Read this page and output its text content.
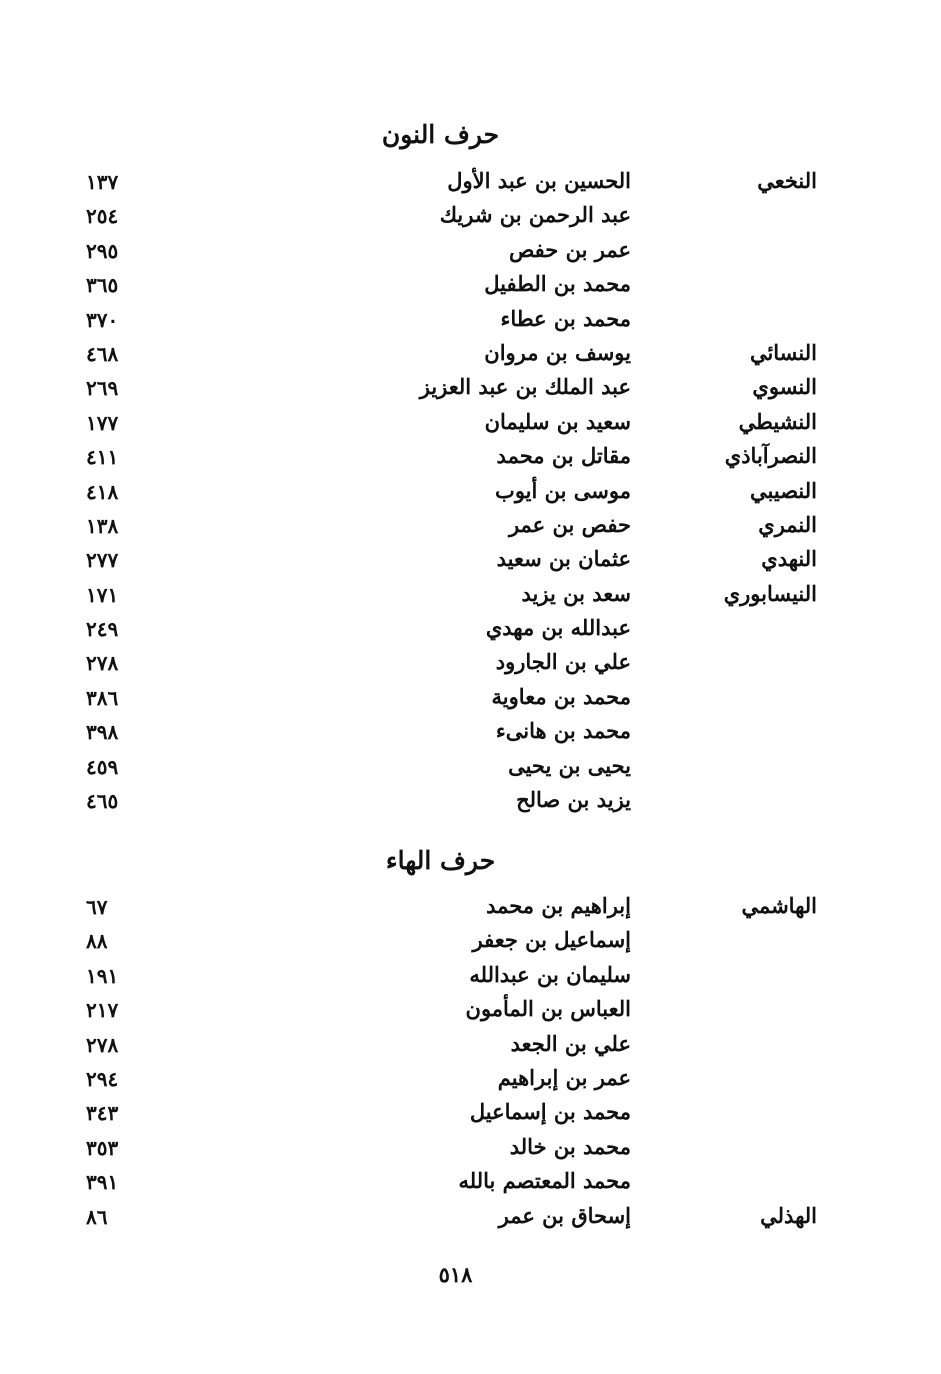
حرف النون
النخعي
الحسين بن عبد الأول
١٣٧
عبد الرحمن بن شريك
٢٥٤
عمر بن حفص
٢٩٥
محمد بن الطفيل
٣٦٥
محمد بن عطاء
٣٧٠
النسائي
يوسف بن مروان
٤٦٨
النسوي
عبد الملك بن عبد العزيز
٢٦٩
النشيطي
سعيد بن سليمان
١٧٧
النصرآباذي
مقاتل بن محمد
٤١١
النصيبي
موسى بن أيوب
٤١٨
النمري
حفص بن عمر
١٣٨
النهدي
عثمان بن سعيد
٢٧٧
النيسابوري
سعد بن يزيد
١٧١
عبدالله بن مهدي
٢٤٩
علي بن الجارود
٢٧٨
محمد بن معاوية
٣٨٦
محمد بن هانىء
٣٩٨
يحيى بن يحيى
٤٥٩
يزيد بن صالح
٤٦٥
حرف الهاء
الهاشمي
إبراهيم بن محمد
٦٧
إسماعيل بن جعفر
٨٨
سليمان بن عبدالله
١٩١
العباس بن المأمون
٢١٧
علي بن الجعد
٢٧٨
عمر بن إبراهيم
٢٩٤
محمد بن إسماعيل
٣٤٣
محمد بن خالد
٣٥٣
محمد المعتصم بالله
٣٩١
الهذلي
إسحاق بن عمر
٨٦
٥١٨
